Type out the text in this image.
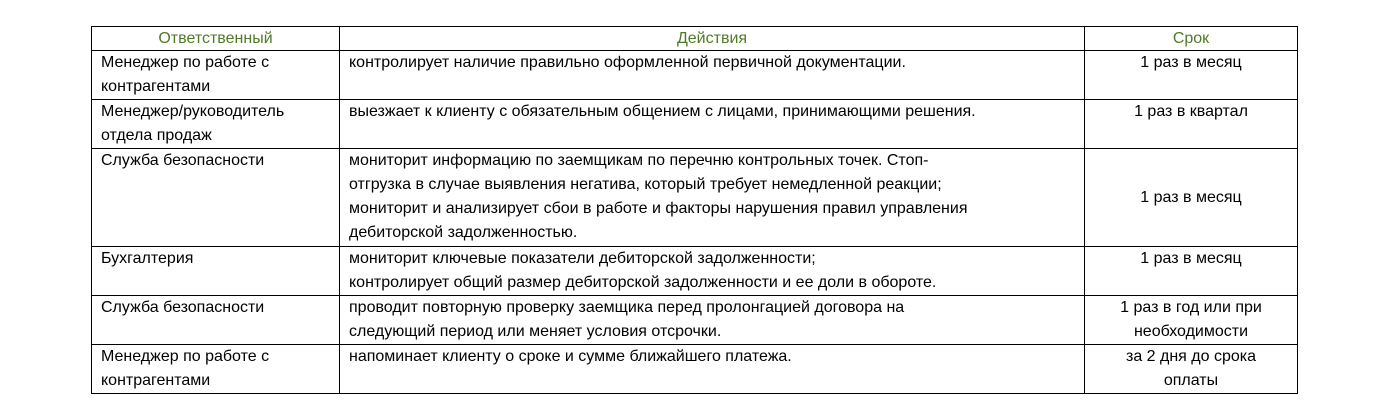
Ответственный	Действия	Срок

Менеджер по работе с
контрагентами	контролирует наличие правильно оформленной первичной документации.	1 раз в месяц

Менеджер/руководитель
отдела продаж	выезжает к клиенту с обязательным общением с лицами, принимающими решения.	1 раз в квартал

Служба безопасности	мониторит информацию по заемщикам по перечню контрольных точек. Стоп-
отгрузка в случае выявления негатива, который требует немедленной реакции;
мониторит и анализирует сбои в работе и факторы нарушения правил управления
дебиторской задолженностью.	1 раз в месяц

Бухгалтерия	мониторит ключевые показатели дебиторской задолженности;
контролирует общий размер дебиторской задолженности и ее доли в обороте.	1 раз в месяц

Служба безопасности	проводит повторную проверку заемщика перед пролонгацией договора на
следующий период или меняет условия отсрочки.	1 раз в год или при
необходимости

Менеджер по работе с
контрагентами	напоминает клиенту о сроке и сумме ближайшего платежа.	за 2 дня до срока
оплаты
